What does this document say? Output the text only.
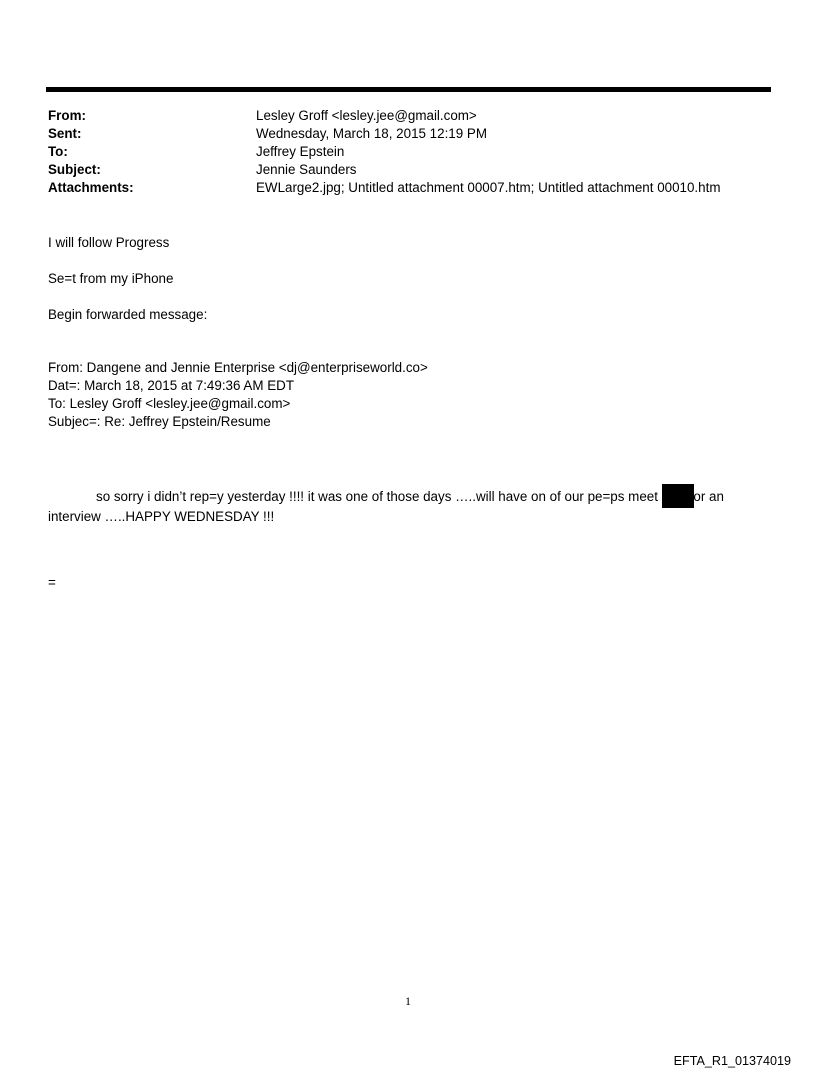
From:	Lesley Groff <lesley.jee@gmail.com>
Sent:	Wednesday, March 18, 2015 12:19 PM
To:	Jeffrey Epstein
Subject:	Jennie Saunders
Attachments:	EWLarge2.jpg; Untitled attachment 00007.htm; Untitled attachment 00010.htm
I will follow Progress
Se=t from my iPhone
Begin forwarded message:
From: Dangene and Jennie Enterprise <dj@enterpriseworld.co>
Dat=: March 18, 2015 at 7:49:36 AM EDT
To: Lesley Groff <lesley.jee@gmail.com>
Subjec=: Re: Jeffrey Epstein/Resume
so sorry i didn’t rep=y yesterday !!!! it was one of those days …..will have on of our pe=ps meet for an interview …..HAPPY WEDNESDAY !!!
=
1
EFTA_R1_01374019
